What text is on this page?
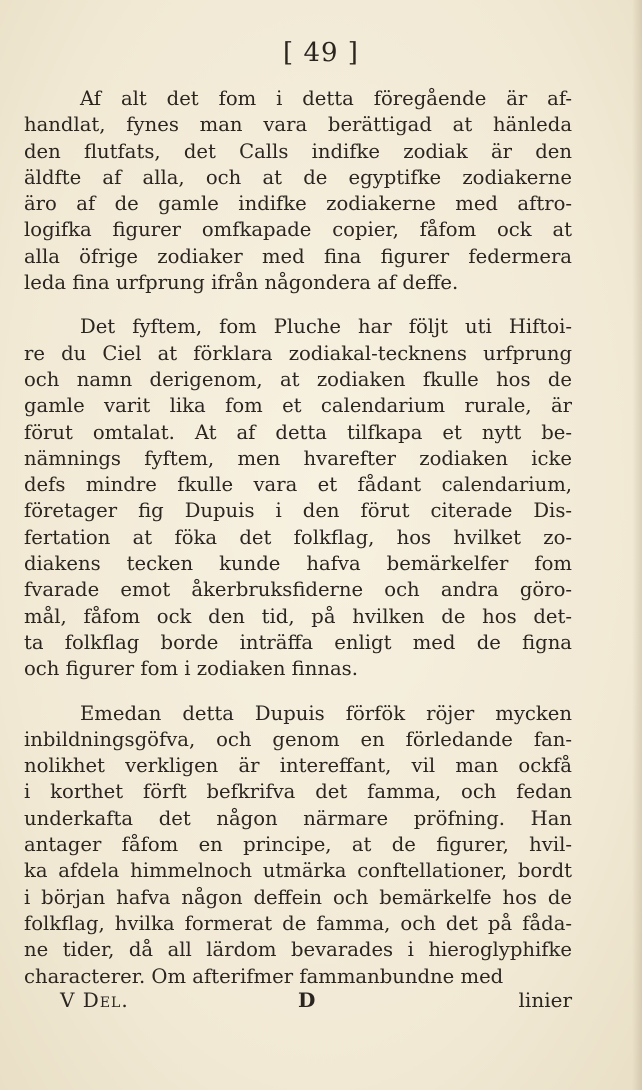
[ 49 ]
Af alt det fom i detta föregående är af-
handlat, fynes man vara berättigad at hänleda
den flutfats, det Calls indifke zodiak är den
äldfte af alla, och at de egyptifke zodiakerne
äro af de gamle indifke zodiakerne med aftro-
logifka figurer omfkapade copier, fåfom ock at
alla öfrige zodiaker med fina figurer federmera
leda fina urfprung ifrån någondera af deffe.
Det fyftem, fom Pluche har följt uti Hiftoi-
re du Ciel at förklara zodiakal-tecknens urfprung
och namn derigenom, at zodiaken fkulle hos de
gamle varit lika fom et calendarium rurale, är
förut omtalat. At af detta tilfkapa et nytt be-
nämnings fyftem, men hvarefter zodiaken icke
defs mindre fkulle vara et fådant calendarium,
företager fig Dupuis i den förut citerade Dis-
fertation at föka det folkflag, hos hvilket zo-
diakens tecken kunde hafva bemärkelfer fom
fvarade emot åkerbruksfiderne och andra göro-
mål, fåfom ock den tid, på hvilken de hos det-
ta folkflag borde inträffa enligt med de figna
och figurer fom i zodiaken finnas.
Emedan detta Dupuis förfök röjer mycken
inbildningsgöfva, och genom en förledande fan-
nolikhet verkligen är intereffant, vil man ockfå
i korthet förft befkrifva det famma, och fedan
underkafta det någon närmare pröfning. Han
antager fåfom en principe, at de figurer, hvil-
ka afdela himmelnoch utmärka conftellationer, bordt
i början hafva någon deffein och bemärkelfe hos de
folkflag, hvilka formerat de famma, och det på fåda-
ne tider, då all lärdom bevarades i hieroglyphifke
characterer. Om afterifmer fammanbundne med
V Del.	D	linier
